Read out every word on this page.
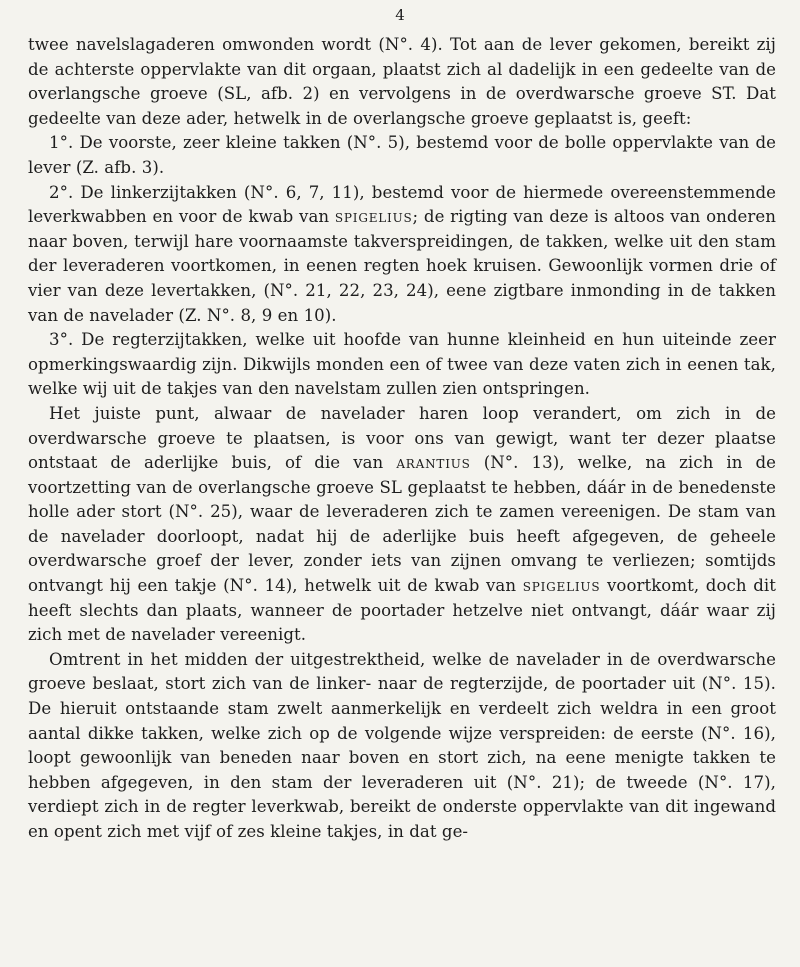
4

twee navelslagaderen omwonden wordt (N°. 4). Tot aan de lever gekomen, bereikt zij de achterste oppervlakte van dit orgaan, plaatst zich al dadelijk in een gedeelte van de overlangsche groeve (SL, afb. 2) en vervolgens in de overdwarsche groeve ST. Dat gedeelte van deze ader, hetwelk in de overlangsche groeve geplaatst is, geeft:

1°. De voorste, zeer kleine takken (N°. 5), bestemd voor de bolle oppervlakte van de lever (Z. afb. 3).

2°. De linkerzijtakken (N°. 6, 7, 11), bestemd voor de hiermede overeenstemmende leverkwabben en voor de kwab van spigelius; de rigting van deze is altoos van onderen naar boven, terwijl hare voornaamste takverspreidingen, de takken, welke uit den stam der leveraderen voortkomen, in eenen regten hoek kruisen. Gewoonlijk vormen drie of vier van deze levertakken, (N°. 21, 22, 23, 24), eene zigtbare inmonding in de takken van de navelader (Z. N°. 8, 9 en 10).

3°. De regterzijtakken, welke uit hoofde van hunne kleinheid en hun uiteinde zeer opmerkingswaardig zijn. Dikwijls monden een of twee van deze vaten zich in eenen tak, welke wij uit de takjes van den navelstam zullen zien ontspringen.

Het juiste punt, alwaar de navelader haren loop verandert, om zich in de overdwarsche groeve te plaatsen, is voor ons van gewigt, want ter dezer plaatse ontstaat de aderlijke buis, of die van arantius (N°. 13), welke, na zich in de voortzetting van de overlangsche groeve SL geplaatst te hebben, dáár in de benedenste holle ader stort (N°. 25), waar de leveraderen zich te zamen vereenigen. De stam van de navelader doorloopt, nadat hij de aderlijke buis heeft afgegeven, de geheele overdwarsche groef der lever, zonder iets van zijnen omvang te verliezen; somtijds ontvangt hij een takje (N°. 14), hetwelk uit de kwab van spigelius voortkomt, doch dit heeft slechts dan plaats, wanneer de poortader hetzelve niet ontvangt, dáár waar zij zich met de navelader vereenigt.

Omtrent in het midden der uitgestrektheid, welke de navelader in de overdwarsche groeve beslaat, stort zich van de linker- naar de regterzijde, de poortader uit (N°. 15). De hieruit ontstaande stam zwelt aanmerkelijk en verdeelt zich weldra in een groot aantal dikke takken, welke zich op de volgende wijze verspreiden: de eerste (N°. 16), loopt gewoonlijk van beneden naar boven en stort zich, na eene menigte takken te hebben afgegeven, in den stam der leveraderen uit (N°. 21); de tweede (N°. 17), verdiept zich in de regter leverkwab, bereikt de onderste oppervlakte van dit ingewand en opent zich met vijf of zes kleine takjes, in dat ge-
